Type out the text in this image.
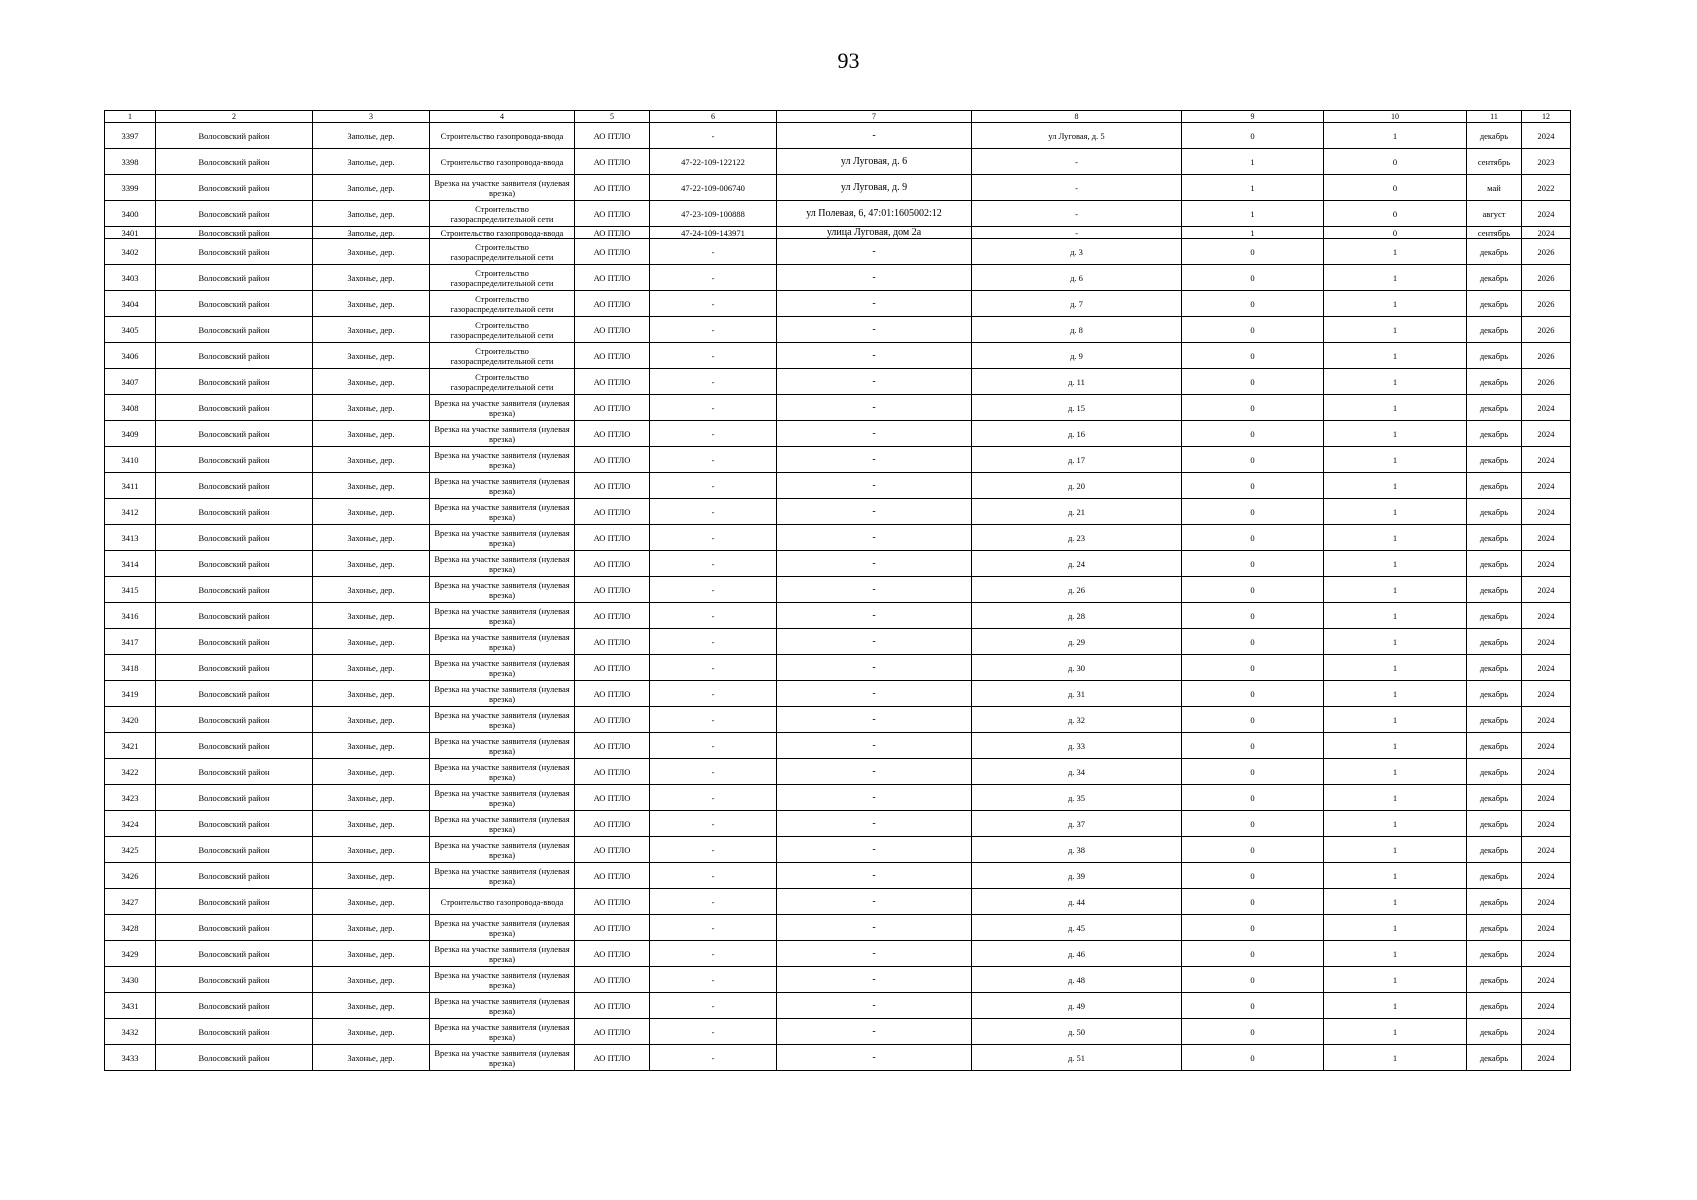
93
1	2	3	4	5	6	7	8	9	10	11	12
3397	Волосовский район	Заполье, дер.	Строительство газопровода-ввода	АО ПТЛО	-	-	ул Луговая, д. 5	0	1	декабрь	2024
3398	Волосовский район	Заполье, дер.	Строительство газопровода-ввода	АО ПТЛО	47-22-109-122122	ул Луговая, д. 6	-	1	0	сентябрь	2023
3399	Волосовский район	Заполье, дер.	Врезка на участке заявителя (нулевая врезка)	АО ПТЛО	47-22-109-006740	ул Луговая, д. 9	-	1	0	май	2022
3400	Волосовский район	Заполье, дер.	Строительство газораспределительной сети	АО ПТЛО	47-23-109-100888	ул Полевая, 6, 47:01:1605002:12	-	1	0	август	2024
3401	Волосовский район	Заполье, дер.	Строительство газопровода-ввода	АО ПТЛО	47-24-109-143971	улица Луговая, дом 2а	-	1	0	сентябрь	2024
3402	Волосовский район	Захонье, дер.	Строительство газораспределительной сети	АО ПТЛО	-	-	д. 3	0	1	декабрь	2026
3403	Волосовский район	Захонье, дер.	Строительство газораспределительной сети	АО ПТЛО	-	-	д. 6	0	1	декабрь	2026
3404	Волосовский район	Захонье, дер.	Строительство газораспределительной сети	АО ПТЛО	-	-	д. 7	0	1	декабрь	2026
3405	Волосовский район	Захонье, дер.	Строительство газораспределительной сети	АО ПТЛО	-	-	д. 8	0	1	декабрь	2026
3406	Волосовский район	Захонье, дер.	Строительство газораспределительной сети	АО ПТЛО	-	-	д. 9	0	1	декабрь	2026
3407	Волосовский район	Захонье, дер.	Строительство газораспределительной сети	АО ПТЛО	-	-	д. 11	0	1	декабрь	2026
3408	Волосовский район	Захонье, дер.	Врезка на участке заявителя (нулевая врезка)	АО ПТЛО	-	-	д. 15	0	1	декабрь	2024
3409	Волосовский район	Захонье, дер.	Врезка на участке заявителя (нулевая врезка)	АО ПТЛО	-	-	д. 16	0	1	декабрь	2024
3410	Волосовский район	Захонье, дер.	Врезка на участке заявителя (нулевая врезка)	АО ПТЛО	-	-	д. 17	0	1	декабрь	2024
3411	Волосовский район	Захонье, дер.	Врезка на участке заявителя (нулевая врезка)	АО ПТЛО	-	-	д. 20	0	1	декабрь	2024
3412	Волосовский район	Захонье, дер.	Врезка на участке заявителя (нулевая врезка)	АО ПТЛО	-	-	д. 21	0	1	декабрь	2024
3413	Волосовский район	Захонье, дер.	Врезка на участке заявителя (нулевая врезка)	АО ПТЛО	-	-	д. 23	0	1	декабрь	2024
3414	Волосовский район	Захонье, дер.	Врезка на участке заявителя (нулевая врезка)	АО ПТЛО	-	-	д. 24	0	1	декабрь	2024
3415	Волосовский район	Захонье, дер.	Врезка на участке заявителя (нулевая врезка)	АО ПТЛО	-	-	д. 26	0	1	декабрь	2024
3416	Волосовский район	Захонье, дер.	Врезка на участке заявителя (нулевая врезка)	АО ПТЛО	-	-	д. 28	0	1	декабрь	2024
3417	Волосовский район	Захонье, дер.	Врезка на участке заявителя (нулевая врезка)	АО ПТЛО	-	-	д. 29	0	1	декабрь	2024
3418	Волосовский район	Захонье, дер.	Врезка на участке заявителя (нулевая врезка)	АО ПТЛО	-	-	д. 30	0	1	декабрь	2024
3419	Волосовский район	Захонье, дер.	Врезка на участке заявителя (нулевая врезка)	АО ПТЛО	-	-	д. 31	0	1	декабрь	2024
3420	Волосовский район	Захонье, дер.	Врезка на участке заявителя (нулевая врезка)	АО ПТЛО	-	-	д. 32	0	1	декабрь	2024
3421	Волосовский район	Захонье, дер.	Врезка на участке заявителя (нулевая врезка)	АО ПТЛО	-	-	д. 33	0	1	декабрь	2024
3422	Волосовский район	Захонье, дер.	Врезка на участке заявителя (нулевая врезка)	АО ПТЛО	-	-	д. 34	0	1	декабрь	2024
3423	Волосовский район	Захонье, дер.	Врезка на участке заявителя (нулевая врезка)	АО ПТЛО	-	-	д. 35	0	1	декабрь	2024
3424	Волосовский район	Захонье, дер.	Врезка на участке заявителя (нулевая врезка)	АО ПТЛО	-	-	д. 37	0	1	декабрь	2024
3425	Волосовский район	Захонье, дер.	Врезка на участке заявителя (нулевая врезка)	АО ПТЛО	-	-	д. 38	0	1	декабрь	2024
3426	Волосовский район	Захонье, дер.	Врезка на участке заявителя (нулевая врезка)	АО ПТЛО	-	-	д. 39	0	1	декабрь	2024
3427	Волосовский район	Захонье, дер.	Строительство газопровода-ввода	АО ПТЛО	-	-	д. 44	0	1	декабрь	2024
3428	Волосовский район	Захонье, дер.	Врезка на участке заявителя (нулевая врезка)	АО ПТЛО	-	-	д. 45	0	1	декабрь	2024
3429	Волосовский район	Захонье, дер.	Врезка на участке заявителя (нулевая врезка)	АО ПТЛО	-	-	д. 46	0	1	декабрь	2024
3430	Волосовский район	Захонье, дер.	Врезка на участке заявителя (нулевая врезка)	АО ПТЛО	-	-	д. 48	0	1	декабрь	2024
3431	Волосовский район	Захонье, дер.	Врезка на участке заявителя (нулевая врезка)	АО ПТЛО	-	-	д. 49	0	1	декабрь	2024
3432	Волосовский район	Захонье, дер.	Врезка на участке заявителя (нулевая врезка)	АО ПТЛО	-	-	д. 50	0	1	декабрь	2024
3433	Волосовский район	Захонье, дер.	Врезка на участке заявителя (нулевая врезка)	АО ПТЛО	-	-	д. 51	0	1	декабрь	2024
